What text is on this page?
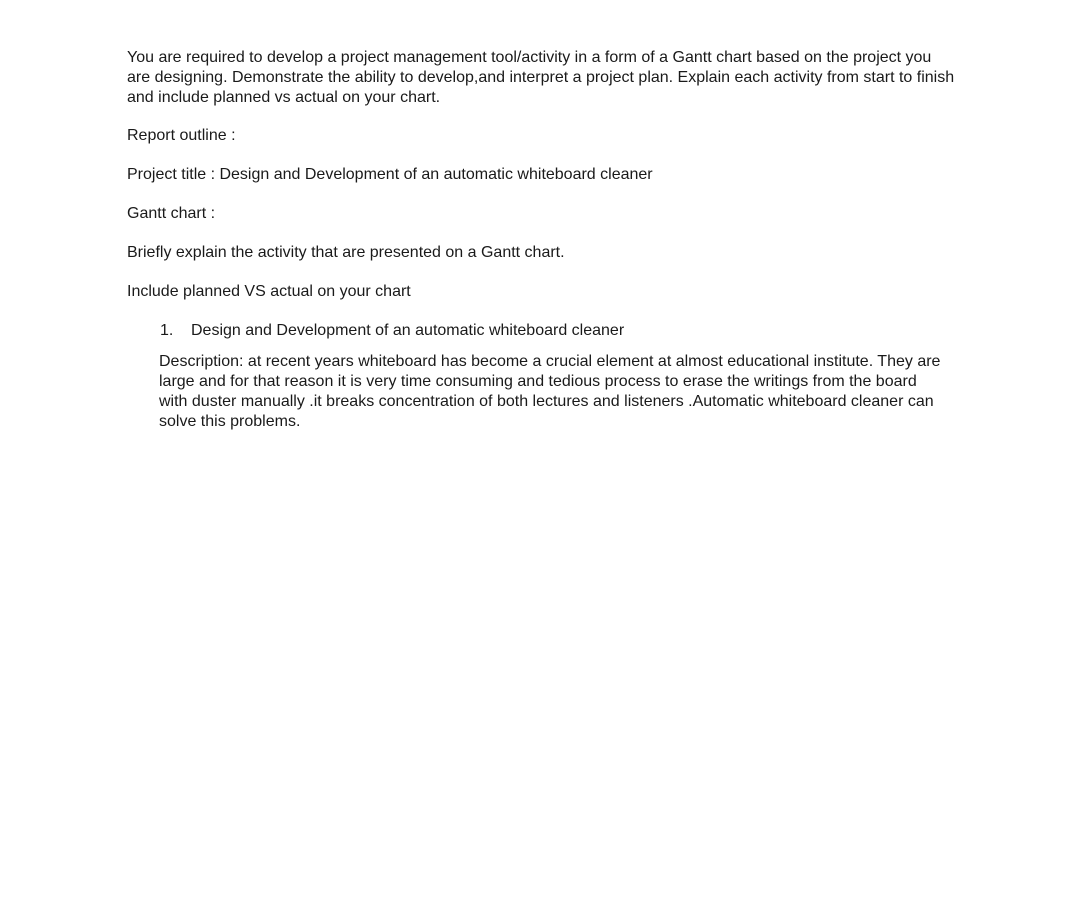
You are required to develop a project management tool/activity in a form of a Gantt chart based on the project you are designing. Demonstrate the ability to develop,and interpret a project plan. Explain each activity from start to finish and include planned vs actual on your chart.

Report outline :

Project title : Design and Development of an automatic whiteboard cleaner

Gantt chart :

Briefly explain the activity that are presented on a Gantt chart.

Include planned VS actual on your chart

1. Design and Development of an automatic whiteboard cleaner

Description: at recent years whiteboard has become a crucial element at almost educational institute. They are large and for that reason it is very time consuming and tedious process to erase the writings from the board with duster manually .it breaks concentration of both lectures and listeners .Automatic whiteboard cleaner can solve this problems.
